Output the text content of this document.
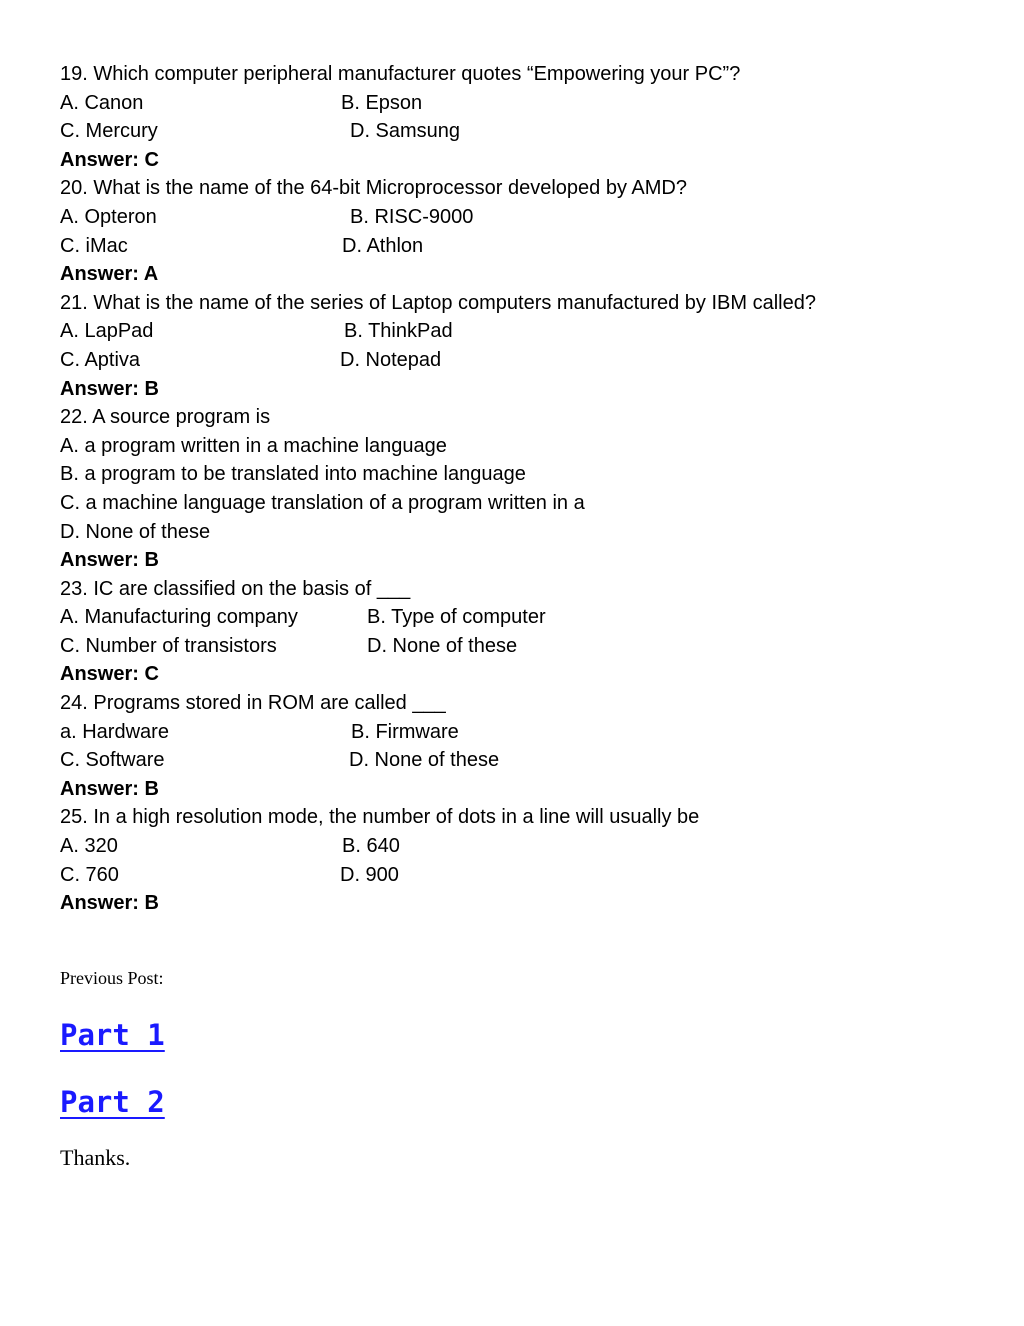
19. Which computer peripheral manufacturer quotes “Empowering your PC”?
A. Canon	B. Epson
C. Mercury	D. Samsung
Answer: C
20. What is the name of the 64-bit Microprocessor developed by AMD?
A. Opteron	B. RISC-9000
C. iMac	D. Athlon
Answer: A
21. What is the name of the series of Laptop computers manufactured by IBM called?
A. LapPad	B. ThinkPad
C. Aptiva	D. Notepad
Answer: B
22. A source program is
A. a program written in a machine language
B. a program to be translated into machine language
C. a machine language translation of a program written in a
D. None of these
Answer: B
23. IC are classified on the basis of ___
A. Manufacturing company	B. Type of computer
C. Number of transistors	D. None of these
Answer: C
24. Programs stored in ROM are called ___
a. Hardware	B. Firmware
C. Software	D. None of these
Answer: B
25. In a high resolution mode, the number of dots in a line will usually be
A. 320	B. 640
C. 760	D. 900
Answer: B
Previous Post:
Part 1
Part 2
Thanks.
